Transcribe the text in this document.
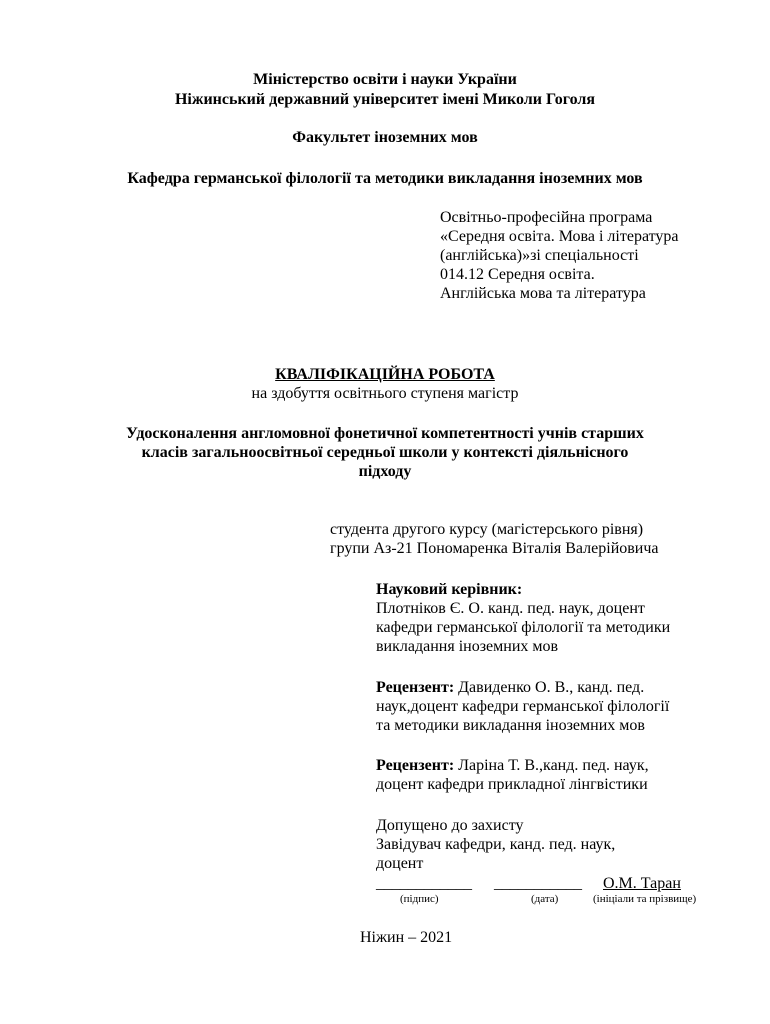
Міністерство освіти і науки України
Ніжинський державний університет імені Миколи Гоголя
Факультет іноземних мов
Кафедра германської філології та методики викладання іноземних мов
Освітньо-професійна програма
«Середня освіта. Мова і література
(англійська)»зі спеціальності
014.12 Середня освіта.
Англійська мова та література
КВАЛІФІКАЦІЙНА РОБОТА
на здобуття освітнього ступеня магістр
Удосконалення англомовної фонетичної компетентності учнів старших
класів загальноосвітньої середньої школи у контексті діяльнісного
підходу
студента другого курсу (магістерського рівня)
групи Аз-21 Пономаренка Віталія Валерійовича
Науковий керівник:
Плотніков Є. О. канд. пед. наук, доцент
кафедри германської філології та методики
викладання іноземних мов
Рецензент: Давиденко О. В., канд. пед.
наук,доцент кафедри германської філології
та методики викладання іноземних мов
Рецензент: Ларіна Т. В.,канд. пед. наук,
доцент кафедри прикладної лінгвістики
Допущено до захисту
Завідувач кафедри, канд. пед. наук,
доцент
____________ ___________ О.М. Таран
(підпис)	(дата)	(ініціали та прізвище)
Ніжин – 2021
